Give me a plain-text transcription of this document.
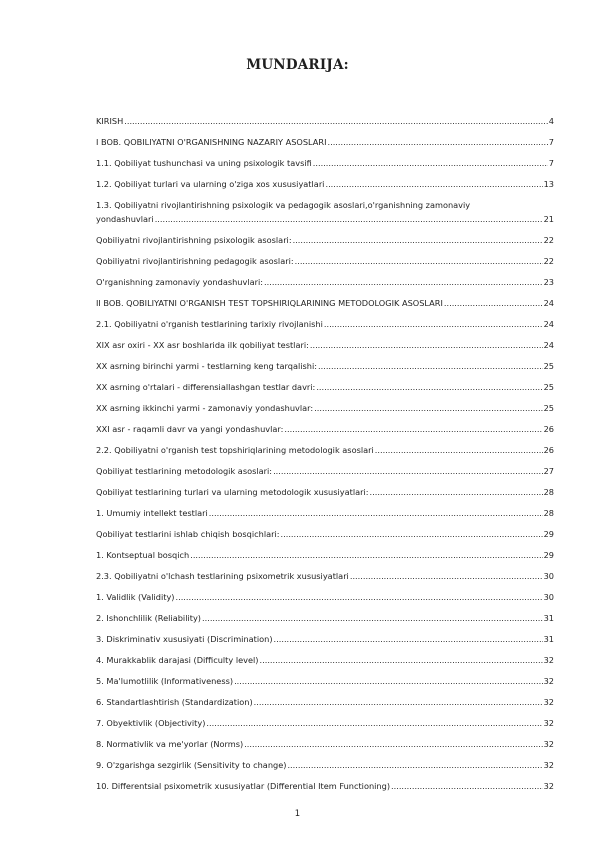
MUNDARIJA:
KIRISH .....	4
I BOB. QOBILIYATNI O'RGANISHNING NAZARIY ASOSLARI .....	7
1.1. Qobiliyat tushunchasi va uning psixologik tavsifi .....	7
1.2. Qobiliyat turlari va ularning o'ziga xos xususiyatlari .....	13
1.3. Qobiliyatni rivojlantirishning psixologik va pedagogik asoslari,o'rganishning zamonaviy
yondashuvlari .....	21
Qobiliyatni rivojlantirishning psixologik asoslari: .....	22
Qobiliyatni rivojlantirishning pedagogik asoslari: .....	22
O'rganishning zamonaviy yondashuvlari: .....	23
II BOB. QOBILIYATNI O'RGANISH TEST TOPSHIRIQLARINING METODOLOGIK ASOSLARI .....	24
2.1. Qobiliyatni o'rganish testlarining tarixiy rivojlanishi .....	24
XIX asr oxiri - XX asr boshlarida ilk qobiliyat testlari: .....	24
XX asrning birinchi yarmi - testlarning keng tarqalishi: .....	25
XX asrning o'rtalari - differensiallashgan testlar davri: .....	25
XX asrning ikkinchi yarmi - zamonaviy yondashuvlar: .....	25
XXI asr - raqamli davr va yangi yondashuvlar: .....	26
2.2. Qobiliyatni o'rganish test topshiriqlarining metodologik asoslari .....	26
Qobiliyat testlarining metodologik asoslari: .....	27
Qobiliyat testlarining turlari va ularning metodologik xususiyatlari: .....	28
1. Umumiy intellekt testlari .....	28
Qobiliyat testlarini ishlab chiqish bosqichlari: .....	29
1. Kontseptual bosqich .....	29
2.3. Qobiliyatni o'lchash testlarining psixometrik xususiyatlari .....	30
1. Validlik (Validity) .....	30
2. Ishonchlilik (Reliability) .....	31
3. Diskriminativ xususiyati (Discrimination) .....	31
4. Murakkablik darajasi (Difficulty level) .....	32
5. Ma'lumotlilik (Informativeness) .....	32
6. Standartlashtirish (Standardization) .....	32
7. Obyektivlik (Objectivity) .....	32
8. Normativlik va me'yorlar (Norms) .....	32
9. O'zgarishga sezgirlik (Sensitivity to change) .....	32
10. Differentsial psixometrik xususiyatlar (Differential Item Functioning) .....	32
1
